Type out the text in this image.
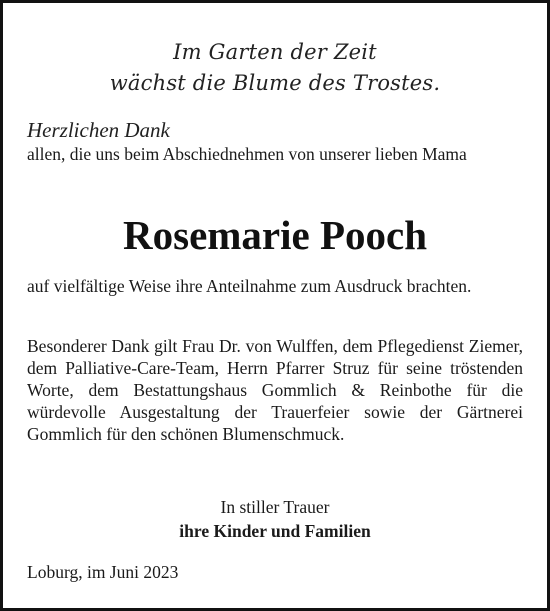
Im Garten der Zeit
wächst die Blume des Trostes.
Herzlichen Dank
allen, die uns beim Abschiednehmen von unserer lieben Mama
Rosemarie Pooch
auf vielfältige Weise ihre Anteilnahme zum Ausdruck brachten.
Besonderer Dank gilt Frau Dr. von Wulffen, dem Pflegedienst Ziemer, dem Palliative-Care-Team, Herrn Pfarrer Struz für seine tröstenden Worte, dem Bestattungshaus Gommlich & Reinbothe für die würdevolle Ausgestaltung der Trauerfeier sowie der Gärtnerei Gommlich für den schönen Blumenschmuck.
In stiller Trauer
ihre Kinder und Familien
Loburg, im Juni 2023
